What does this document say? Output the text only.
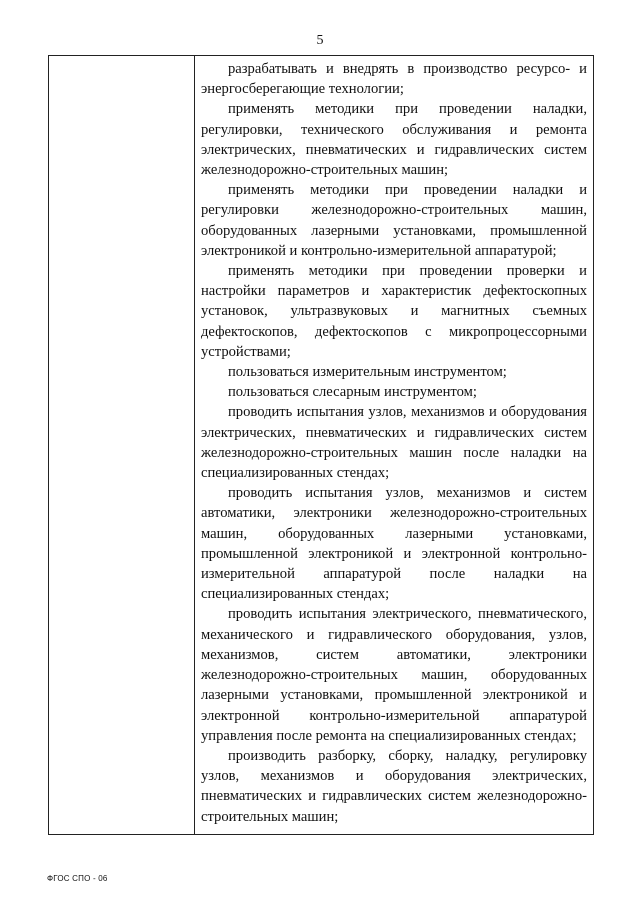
5

разрабатывать и внедрять в производство ресурсо- и энергосберегающие технологии;

применять методики при проведении наладки, регулировки, технического обслуживания и ремонта электрических, пневматических и гидравлических систем железнодорожно-строительных машин;

применять методики при проведении наладки и регулировки железнодорожно-строительных машин, оборудованных лазерными установками, промышленной электроникой и контрольно-измерительной аппаратурой;

применять методики при проведении проверки и настройки параметров и характеристик дефектоскопных установок, ультразвуковых и магнитных съемных дефектоскопов, дефектоскопов с микропроцессорными устройствами;

пользоваться измерительным инструментом;

пользоваться слесарным инструментом;

проводить испытания узлов, механизмов и оборудования электрических, пневматических и гидравлических систем железнодорожно-строительных машин после наладки на специализированных стендах;

проводить испытания узлов, механизмов и систем автоматики, электроники железнодорожно-строительных машин, оборудованных лазерными установками, промышленной электроникой и электронной контрольно-измерительной аппаратурой после наладки на специализированных стендах;

проводить испытания электрического, пневматического, механического и гидравлического оборудования, узлов, механизмов, систем автоматики, электроники железнодорожно-строительных машин, оборудованных лазерными установками, промышленной электроникой и электронной контрольно-измерительной аппаратурой управления после ремонта на специализированных стендах;

производить разборку, сборку, наладку, регулировку узлов, механизмов и оборудования электрических, пневматических и гидравлических систем железнодорожно-строительных машин;

ФГОС СПО - 06
